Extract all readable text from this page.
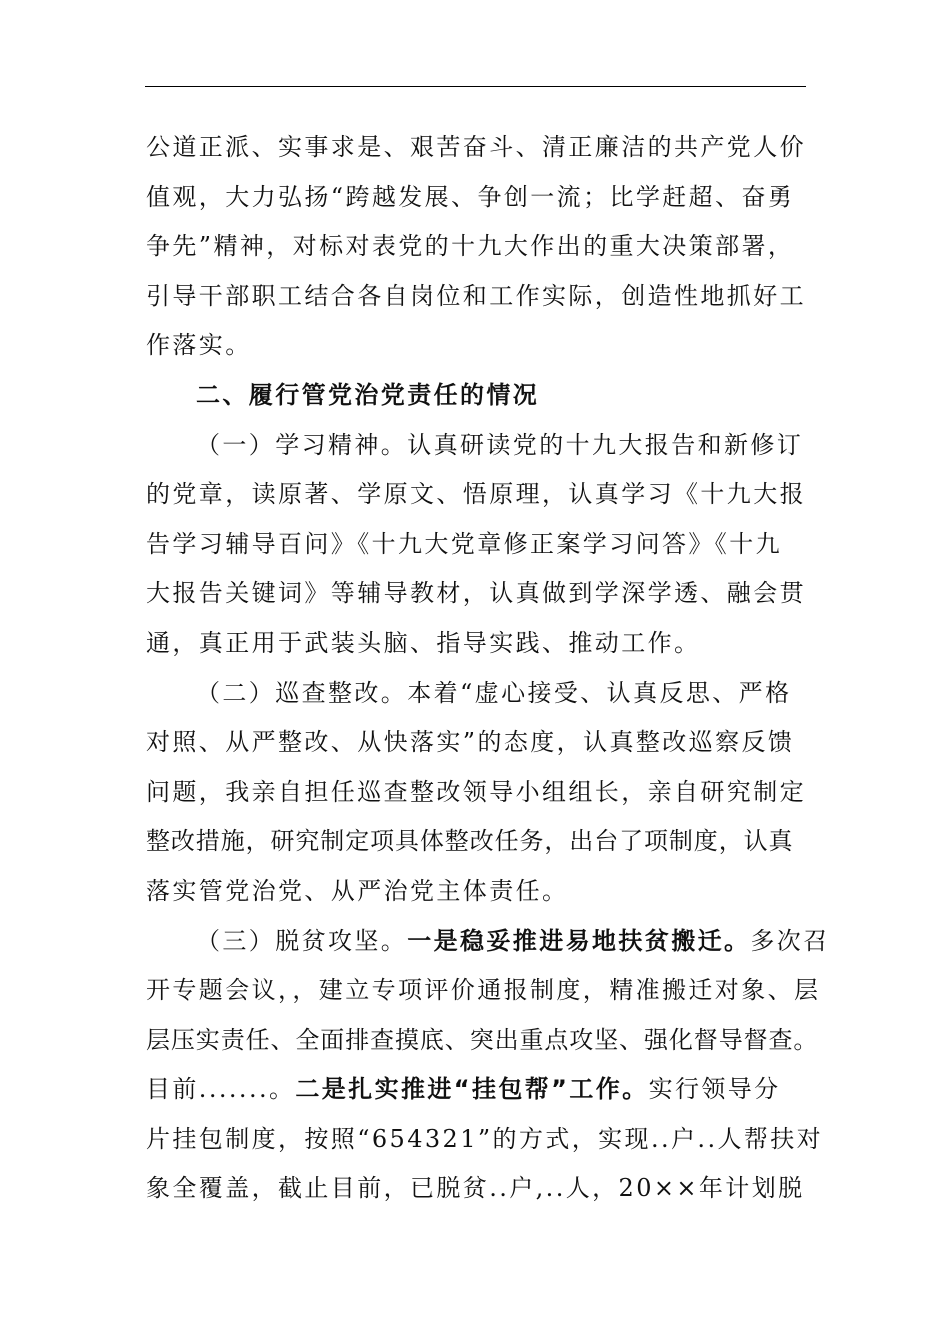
公道正派、实事求是、艰苦奋斗、清正廉洁的共产党人价
值观，大力弘扬“跨越发展、争创一流；比学赶超、奋勇
争先”精神，对标对表党的十九大作出的重大决策部署，
引导干部职工结合各自岗位和工作实际，创造性地抓好工
作落实。
二、履行管党治党责任的情况
（一）学习精神。认真研读党的十九大报告和新修订
的党章，读原著、学原文、悟原理，认真学习《十九大报
告学习辅导百问》《十九大党章修正案学习问答》《十九
大报告关键词》等辅导教材，认真做到学深学透、融会贯
通，真正用于武装头脑、指导实践、推动工作。
（二）巡查整改。本着“虚心接受、认真反思、严格
对照、从严整改、从快落实”的态度，认真整改巡察反馈
问题，我亲自担任巡查整改领导小组组长，亲自研究制定
整改措施，研究制定项具体整改任务，出台了项制度，认真
落实管党治党、从严治党主体责任。
（三）脱贫攻坚。一是稳妥推进易地扶贫搬迁。多次召
开专题会议，，建立专项评价通报制度，精准搬迁对象、层
层压实责任、全面排查摸底、突出重点攻坚、强化督导督查。
目前.......。二是扎实推进“挂包帮”工作。实行领导分
片挂包制度，按照“654321”的方式，实现..户..人帮扶对
象全覆盖，截止目前，已脱贫..户,..人，20××年计划脱
